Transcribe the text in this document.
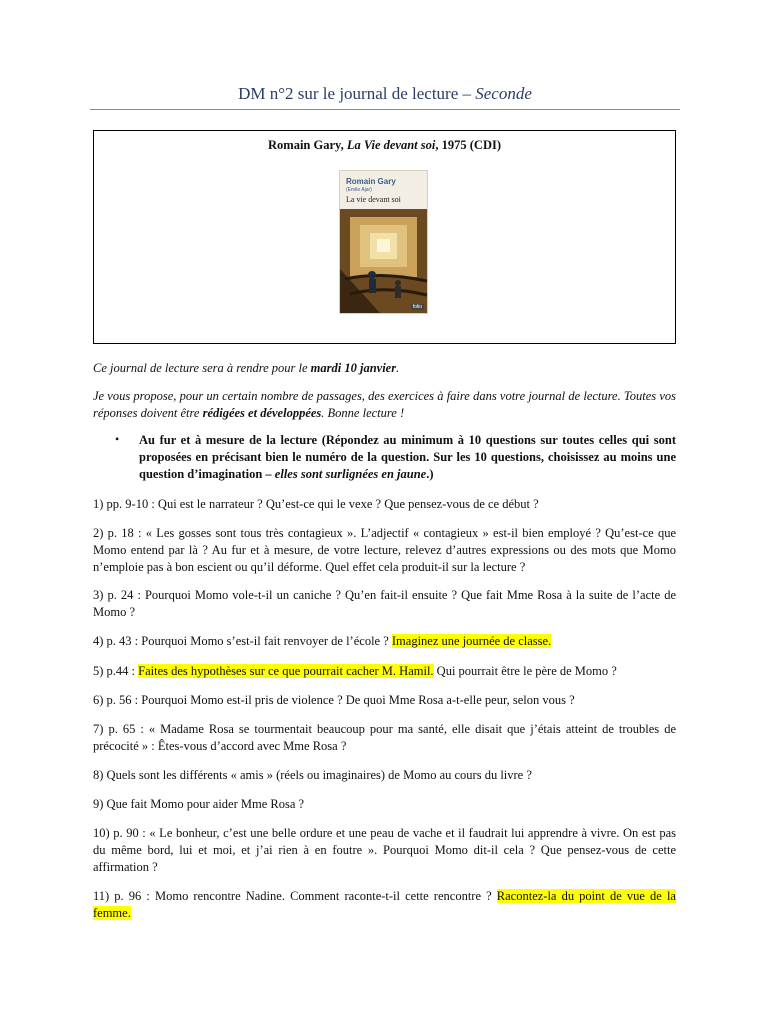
DM n°2 sur le journal de lecture – Seconde
Romain Gary, La Vie devant soi, 1975 (CDI)
Romain Gary
(Emile Ajar)
La vie devant soi
folio
Ce journal de lecture sera à rendre pour le mardi 10 janvier.
Je vous propose, pour un certain nombre de passages, des exercices à faire dans votre journal de lecture. Toutes vos réponses doivent être rédigées et développées. Bonne lecture !
• Au fur et à mesure de la lecture (Répondez au minimum à 10 questions sur toutes celles qui sont proposées en précisant bien le numéro de la question. Sur les 10 questions, choisissez au moins une question d’imagination – elles sont surlignées en jaune.)
1) pp. 9-10 : Qui est le narrateur ? Qu’est-ce qui le vexe ? Que pensez-vous de ce début ?
2) p. 18 : « Les gosses sont tous très contagieux ». L’adjectif « contagieux » est-il bien employé ? Qu’est-ce que Momo entend par là ? Au fur et à mesure, de votre lecture, relevez d’autres expressions ou des mots que Momo n’emploie pas à bon escient ou qu’il déforme. Quel effet cela produit-il sur la lecture ?
3) p. 24 : Pourquoi Momo vole-t-il un caniche ? Qu’en fait-il ensuite ? Que fait Mme Rosa à la suite de l’acte de Momo ?
4) p. 43 : Pourquoi Momo s’est-il fait renvoyer de l’école ? Imaginez une journée de classe.
5) p.44 : Faites des hypothèses sur ce que pourrait cacher M. Hamil. Qui pourrait être le père de Momo ?
6) p. 56 : Pourquoi Momo est-il pris de violence ? De quoi Mme Rosa a-t-elle peur, selon vous ?
7) p. 65 : « Madame Rosa se tourmentait beaucoup pour ma santé, elle disait que j’étais atteint de troubles de précocité » : Êtes-vous d’accord avec Mme Rosa ?
8) Quels sont les différents « amis » (réels ou imaginaires) de Momo au cours du livre ?
9) Que fait Momo pour aider Mme Rosa ?
10) p. 90 : « Le bonheur, c’est une belle ordure et une peau de vache et il faudrait lui apprendre à vivre. On est pas du même bord, lui et moi, et j’ai rien à en foutre ». Pourquoi Momo dit-il cela ? Que pensez-vous de cette affirmation ?
11) p. 96 : Momo rencontre Nadine. Comment raconte-t-il cette rencontre ? Racontez-la du point de vue de la femme.
